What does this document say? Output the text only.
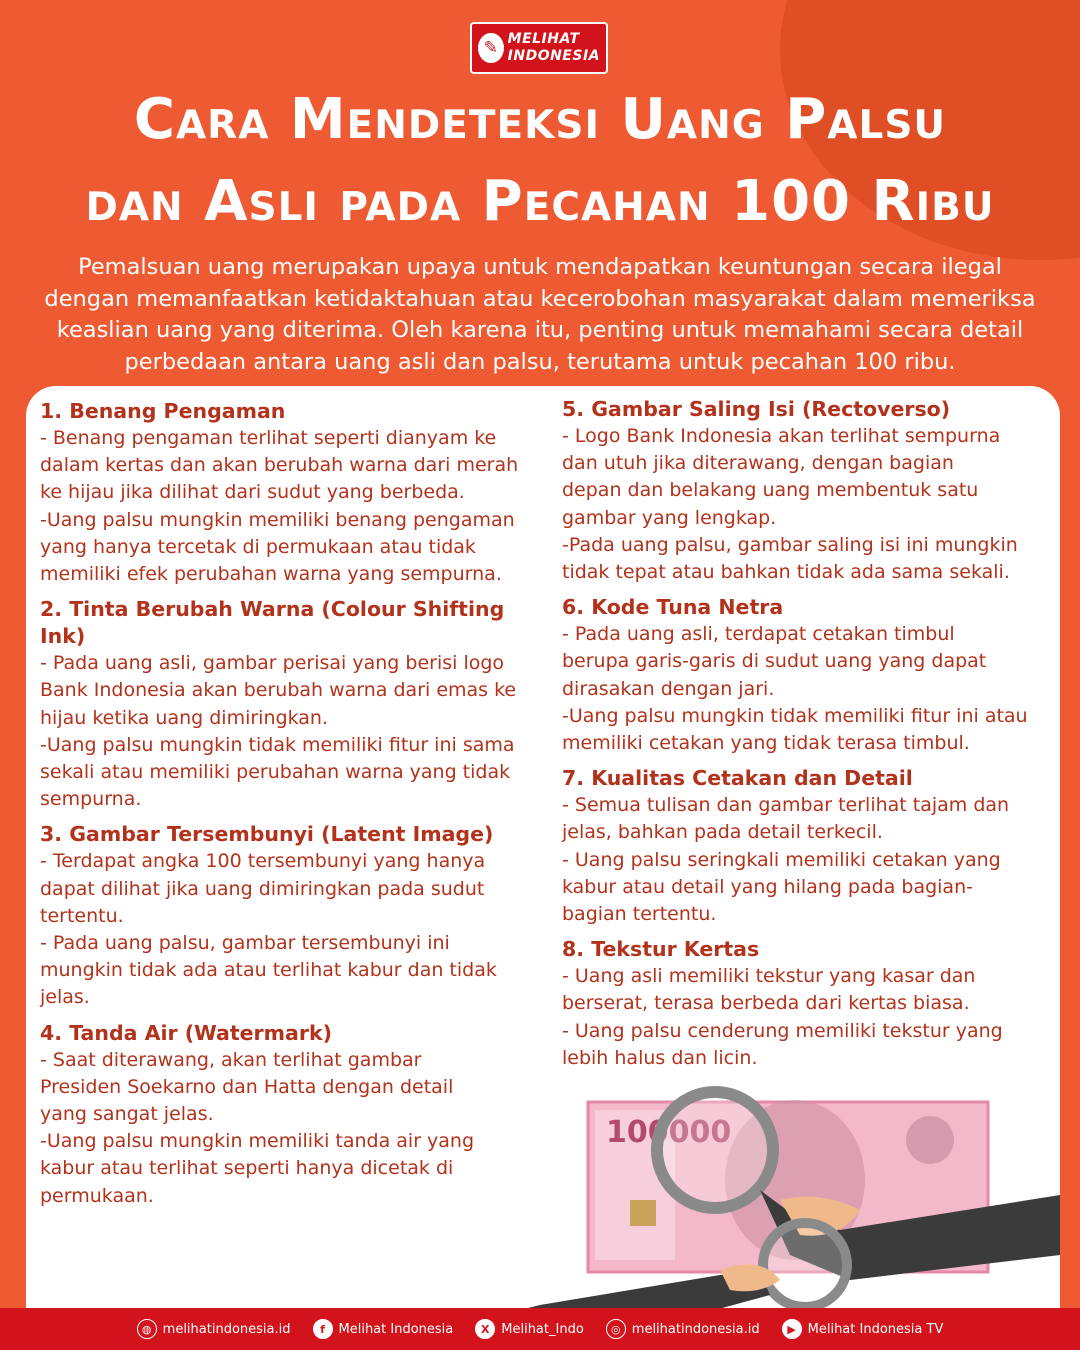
✎ MELIHAT
INDONESIA
Cara Mendeteksi Uang Palsu
dan Asli pada Pecahan 100 Ribu
Pemalsuan uang merupakan upaya untuk mendapatkan keuntungan secara ilegal
dengan memanfaatkan ketidaktahuan atau kecerobohan masyarakat dalam memeriksa
keaslian uang yang diterima. Oleh karena itu, penting untuk memahami secara detail
perbedaan antara uang asli dan palsu, terutama untuk pecahan 100 ribu.
1. Benang Pengaman

- Benang pengaman terlihat seperti dianyam ke

dalam kertas dan akan berubah warna dari merah

ke hijau jika dilihat dari sudut yang berbeda.

-Uang palsu mungkin memiliki benang pengaman

yang hanya tercetak di permukaan atau tidak

memiliki efek perubahan warna yang sempurna.

2. Tinta Berubah Warna (Colour Shifting
Ink)

- Pada uang asli, gambar perisai yang berisi logo

Bank Indonesia akan berubah warna dari emas ke

hijau ketika uang dimiringkan.

-Uang palsu mungkin tidak memiliki fitur ini sama

sekali atau memiliki perubahan warna yang tidak

sempurna.

3. Gambar Tersembunyi (Latent Image)

- Terdapat angka 100 tersembunyi yang hanya

dapat dilihat jika uang dimiringkan pada sudut

tertentu.

- Pada uang palsu, gambar tersembunyi ini

mungkin tidak ada atau terlihat kabur dan tidak

jelas.

4. Tanda Air (Watermark)

- Saat diterawang, akan terlihat gambar

Presiden Soekarno dan Hatta dengan detail

yang sangat jelas.

-Uang palsu mungkin memiliki tanda air yang

kabur atau terlihat seperti hanya dicetak di

permukaan.

5. Gambar Saling Isi (Rectoverso)

- Logo Bank Indonesia akan terlihat sempurna

dan utuh jika diterawang, dengan bagian

depan dan belakang uang membentuk satu

gambar yang lengkap.

-Pada uang palsu, gambar saling isi ini mungkin

tidak tepat atau bahkan tidak ada sama sekali.

6. Kode Tuna Netra

- Pada uang asli, terdapat cetakan timbul

berupa garis-garis di sudut uang yang dapat

dirasakan dengan jari.

-Uang palsu mungkin tidak memiliki fitur ini atau

memiliki cetakan yang tidak terasa timbul.

7. Kualitas Cetakan dan Detail

- Semua tulisan dan gambar terlihat tajam dan

jelas, bahkan pada detail terkecil.

- Uang palsu seringkali memiliki cetakan yang

kabur atau detail yang hilang pada bagian-

bagian tertentu.

8. Tekstur Kertas

- Uang asli memiliki tekstur yang kasar dan

berserat, terasa berbeda dari kertas biasa.

- Uang palsu cenderung memiliki tekstur yang

lebih halus dan licin.

100000
◍ melihatindonesia.id	f	Melihat Indonesia	X Melihat_Indo	◎ melihatindonesia.id	▶ Melihat Indonesia TV
